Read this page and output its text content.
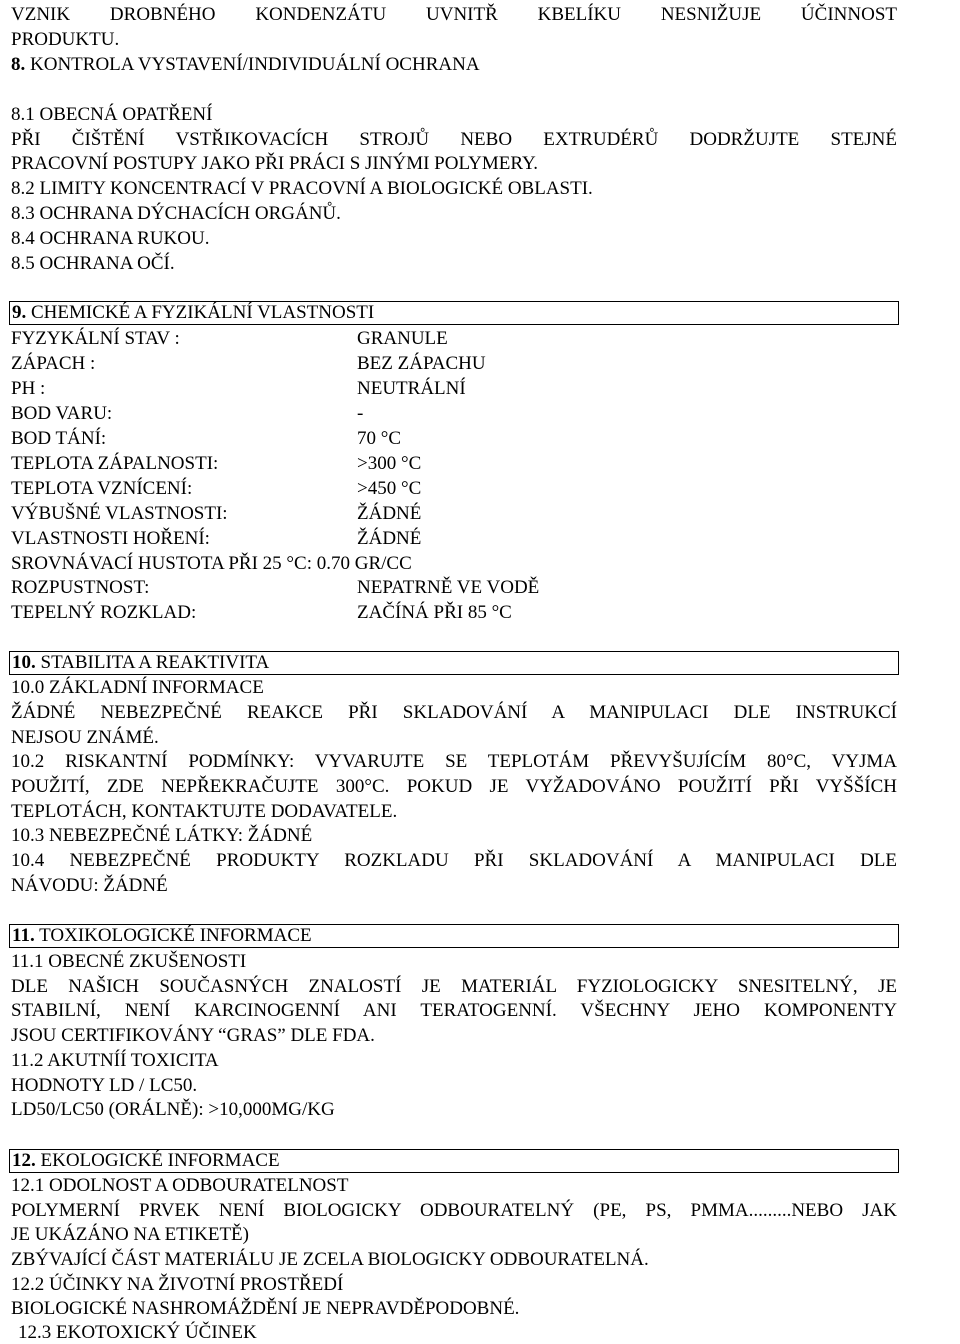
VZNIK DROBNÉHO KONDENZÁTU UVNITŘ KBELÍKU NESNIŽUJE ÚČINNOST
PRODUKTU.
8. KONTROLA VYSTAVENÍ/INDIVIDUÁLNÍ OCHRANA
8.1 OBECNÁ OPATŘENÍ
PŘI ČIŠTĚNÍ VSTŘIKOVACÍCH STROJŮ NEBO EXTRUDÉRŮ DODRŽUJTE STEJNÉ
PRACOVNÍ POSTUPY JAKO PŘI PRÁCI S JINÝMI POLYMERY.
8.2 LIMITY KONCENTRACÍ V PRACOVNÍ A BIOLOGICKÉ OBLASTI.
8.3 OCHRANA DÝCHACÍCH ORGÁNŮ.
8.4 OCHRANA RUKOU.
8.5 OCHRANA OČÍ.
9. CHEMICKÉ A FYZIKÁLNÍ VLASTNOSTI
FYZYKÁLNÍ STAV :	GRANULE
ZÁPACH :	BEZ ZÁPACHU
PH :	NEUTRÁLNÍ
BOD VARU:	-
BOD TÁNÍ:	70 °C
TEPLOTA ZÁPALNOSTI:	>300 °C
TEPLOTA VZNÍCENÍ:	>450 °C
VÝBUŠNÉ VLASTNOSTI:	ŽÁDNÉ
VLASTNOSTI HOŘENÍ:	ŽÁDNÉ
SROVNÁVACÍ HUSTOTA PŘI 25 °C: 0.70 GR/CC
ROZPUSTNOST:	NEPATRNĚ VE VODĚ
TEPELNÝ ROZKLAD:	ZAČÍNÁ PŘI 85 °C
10. STABILITA A REAKTIVITA
10.0 ZÁKLADNÍ INFORMACE
ŽÁDNÉ NEBEZPEČNÉ REAKCE PŘI SKLADOVÁNÍ A MANIPULACI DLE INSTRUKCÍ
NEJSOU ZNÁMÉ.
10.2 RISKANTNÍ PODMÍNKY: VYVARUJTE SE TEPLOTÁM PŘEVYŠUJÍCÍM 80°C, VYJMA
POUŽITÍ, ZDE NEPŘEKRAČUJTE 300°C. POKUD JE VYŽADOVÁNO POUŽITÍ PŘI VYŠŠÍCH
TEPLOTÁCH, KONTAKTUJTE DODAVATELE.
10.3 NEBEZPEČNÉ LÁTKY: ŽÁDNÉ
10.4 NEBEZPEČNÉ PRODUKTY ROZKLADU PŘI SKLADOVÁNÍ A MANIPULACI DLE
NÁVODU: ŽÁDNÉ
11. TOXIKOLOGICKÉ INFORMACE
11.1 OBECNÉ ZKUŠENOSTI
DLE NAŠICH SOUČASNÝCH ZNALOSTÍ JE MATERIÁL FYZIOLOGICKY SNESITELNÝ, JE
STABILNÍ, NENÍ KARCINOGENNÍ ANI TERATOGENNÍ. VŠECHNY JEHO KOMPONENTY
JSOU CERTIFIKOVÁNY “GRAS” DLE FDA.
11.2 AKUTNÍÍ TOXICITA
HODNOTY LD / LC50.
LD50/LC50 (ORÁLNĚ): >10,000MG/KG
12. EKOLOGICKÉ INFORMACE
12.1 ODOLNOST A ODBOURATELNOST
POLYMERNÍ PRVEK NENÍ BIOLOGICKY ODBOURATELNÝ (PE, PS, PMMA.........NEBO JAK
JE UKÁZÁNO NA ETIKETĚ)
ZBÝVAJÍCÍ ČÁST MATERIÁLU JE ZCELA BIOLOGICKY ODBOURATELNÁ.
12.2 ÚČINKY NA ŽIVOTNÍ PROSTŘEDÍ
BIOLOGICKÉ NASHROMÁŽDĚNÍ JE NEPRAVDĚPODOBNÉ.
12.3 EKOTOXICKÝ ÚČINEK
